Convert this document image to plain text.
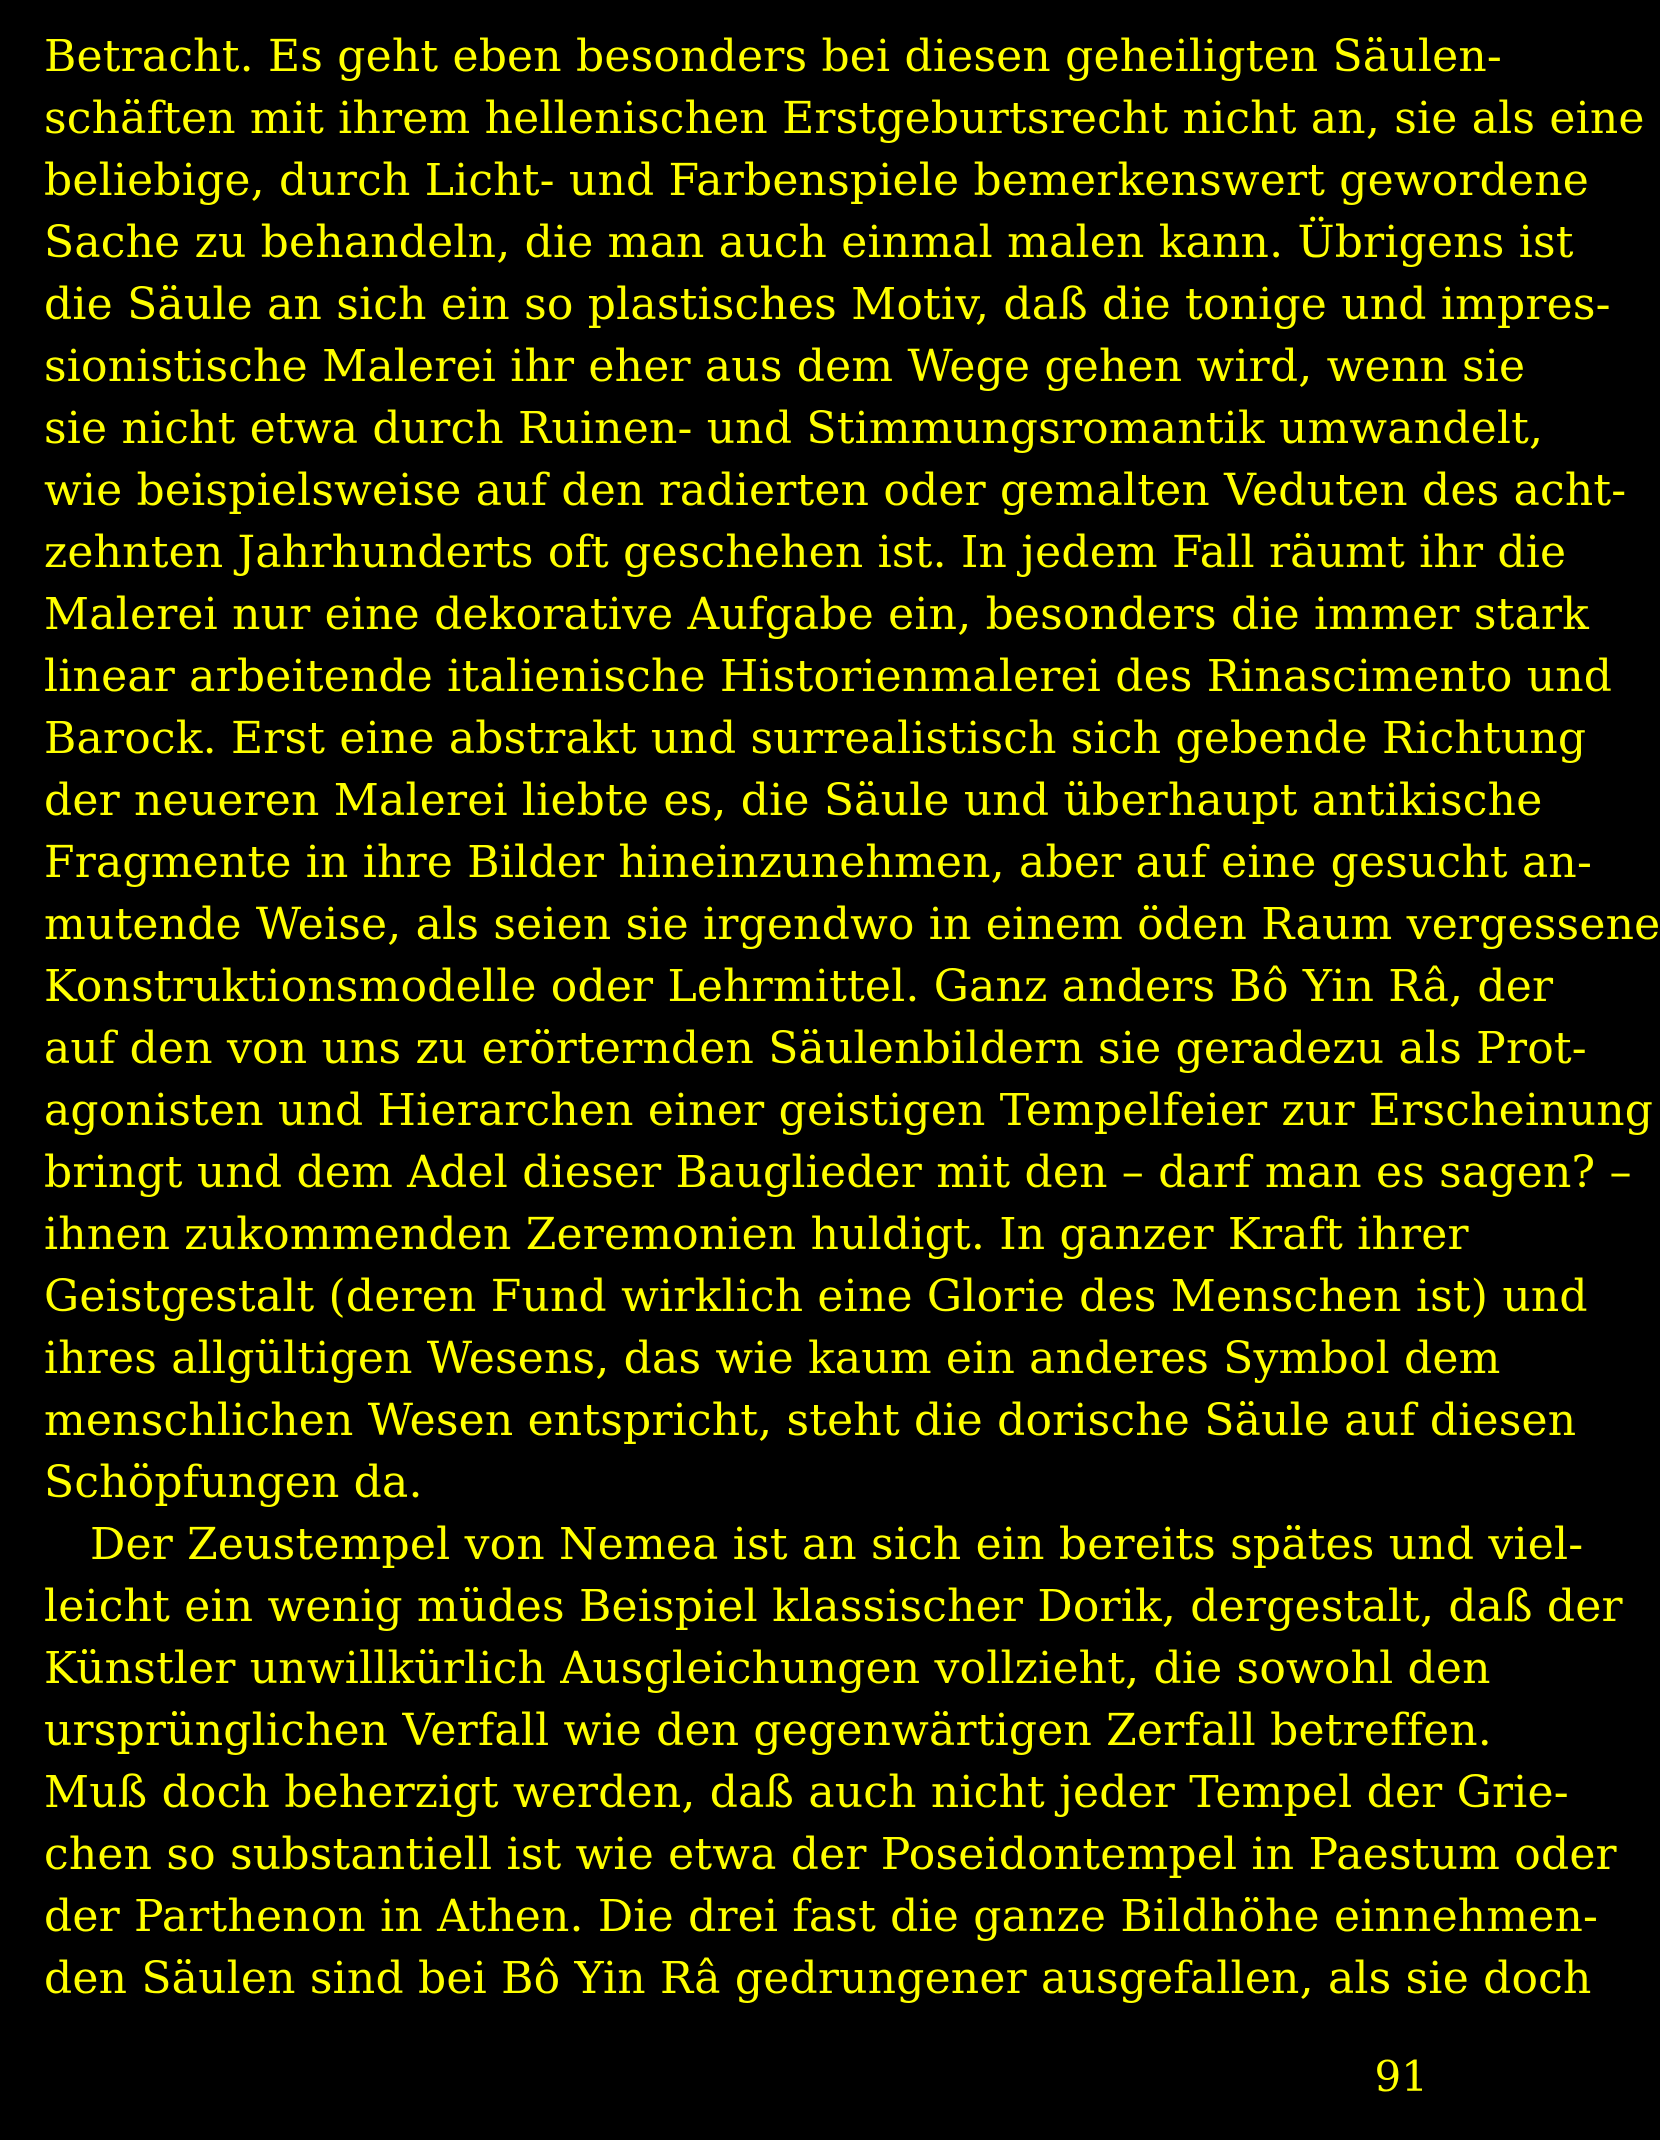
Betracht. Es geht eben besonders bei diesen geheiligten Säulen-
schäften mit ihrem hellenischen Erstgeburtsrecht nicht an, sie als eine
beliebige, durch Licht- und Farbenspiele bemerkenswert gewordene
Sache zu behandeln, die man auch einmal malen kann. Übrigens ist
die Säule an sich ein so plastisches Motiv, daß die tonige und impres-
sionistische Malerei ihr eher aus dem Wege gehen wird, wenn sie
sie nicht etwa durch Ruinen- und Stimmungsromantik umwandelt,
wie beispielsweise auf den radierten oder gemalten Veduten des acht-
zehnten Jahrhunderts oft geschehen ist. In jedem Fall räumt ihr die
Malerei nur eine dekorative Aufgabe ein, besonders die immer stark
linear arbeitende italienische Historienmalerei des Rinascimento und
Barock. Erst eine abstrakt und surrealistisch sich gebende Richtung
der neueren Malerei liebte es, die Säule und überhaupt antikische
Fragmente in ihre Bilder hineinzunehmen, aber auf eine gesucht an-
mutende Weise, als seien sie irgendwo in einem öden Raum vergessene
Konstruktionsmodelle oder Lehrmittel. Ganz anders Bô Yin Râ, der
auf den von uns zu erörternden Säulenbildern sie geradezu als Prot-
agonisten und Hierarchen einer geistigen Tempelfeier zur Erscheinung
bringt und dem Adel dieser Bauglieder mit den – darf man es sagen? –
ihnen zukommenden Zeremonien huldigt. In ganzer Kraft ihrer
Geistgestalt (deren Fund wirklich eine Glorie des Menschen ist) und
ihres allgültigen Wesens, das wie kaum ein anderes Symbol dem
menschlichen Wesen entspricht, steht die dorische Säule auf diesen
Schöpfungen da.
Der Zeustempel von Nemea ist an sich ein bereits spätes und viel-
leicht ein wenig müdes Beispiel klassischer Dorik, dergestalt, daß der
Künstler unwillkürlich Ausgleichungen vollzieht, die sowohl den
ursprünglichen Verfall wie den gegenwärtigen Zerfall betreffen.
Muß doch beherzigt werden, daß auch nicht jeder Tempel der Grie-
chen so substantiell ist wie etwa der Poseidontempel in Paestum oder
der Parthenon in Athen. Die drei fast die ganze Bildhöhe einnehmen-
den Säulen sind bei Bô Yin Râ gedrungener ausgefallen, als sie doch
91
